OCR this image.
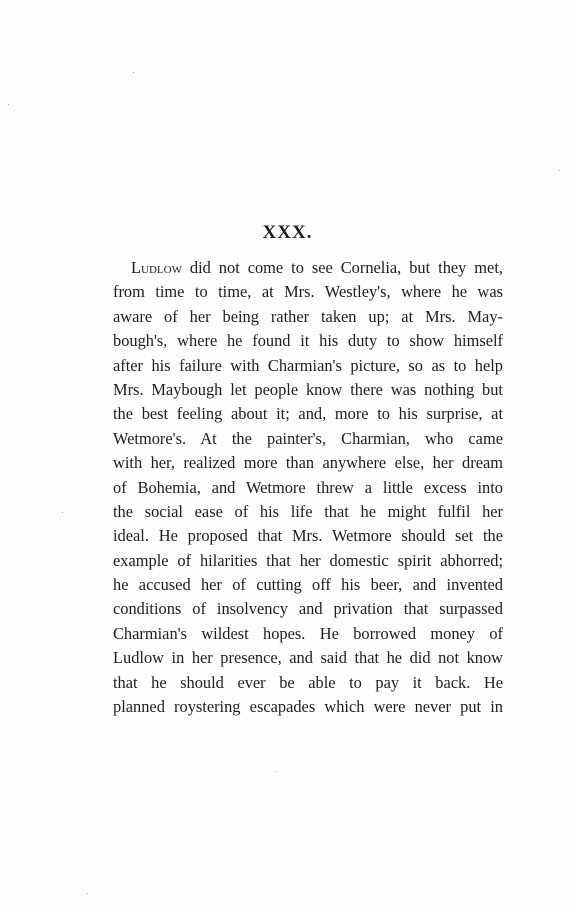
XXX.
Ludlow did not come to see Cornelia, but they met,
from time to time, at Mrs. Westley's, where he was
aware of her being rather taken up; at Mrs. May-
bough's, where he found it his duty to show himself
after his failure with Charmian's picture, so as to help
Mrs. Maybough let people know there was nothing but
the best feeling about it; and, more to his surprise, at
Wetmore's. At the painter's, Charmian, who came
with her, realized more than anywhere else, her dream
of Bohemia, and Wetmore threw a little excess into
the social ease of his life that he might fulfil her
ideal. He proposed that Mrs. Wetmore should set the
example of hilarities that her domestic spirit abhorred;
he accused her of cutting off his beer, and invented
conditions of insolvency and privation that surpassed
Charmian's wildest hopes. He borrowed money of
Ludlow in her presence, and said that he did not know
that he should ever be able to pay it back. He
planned roystering escapades which were never put in
